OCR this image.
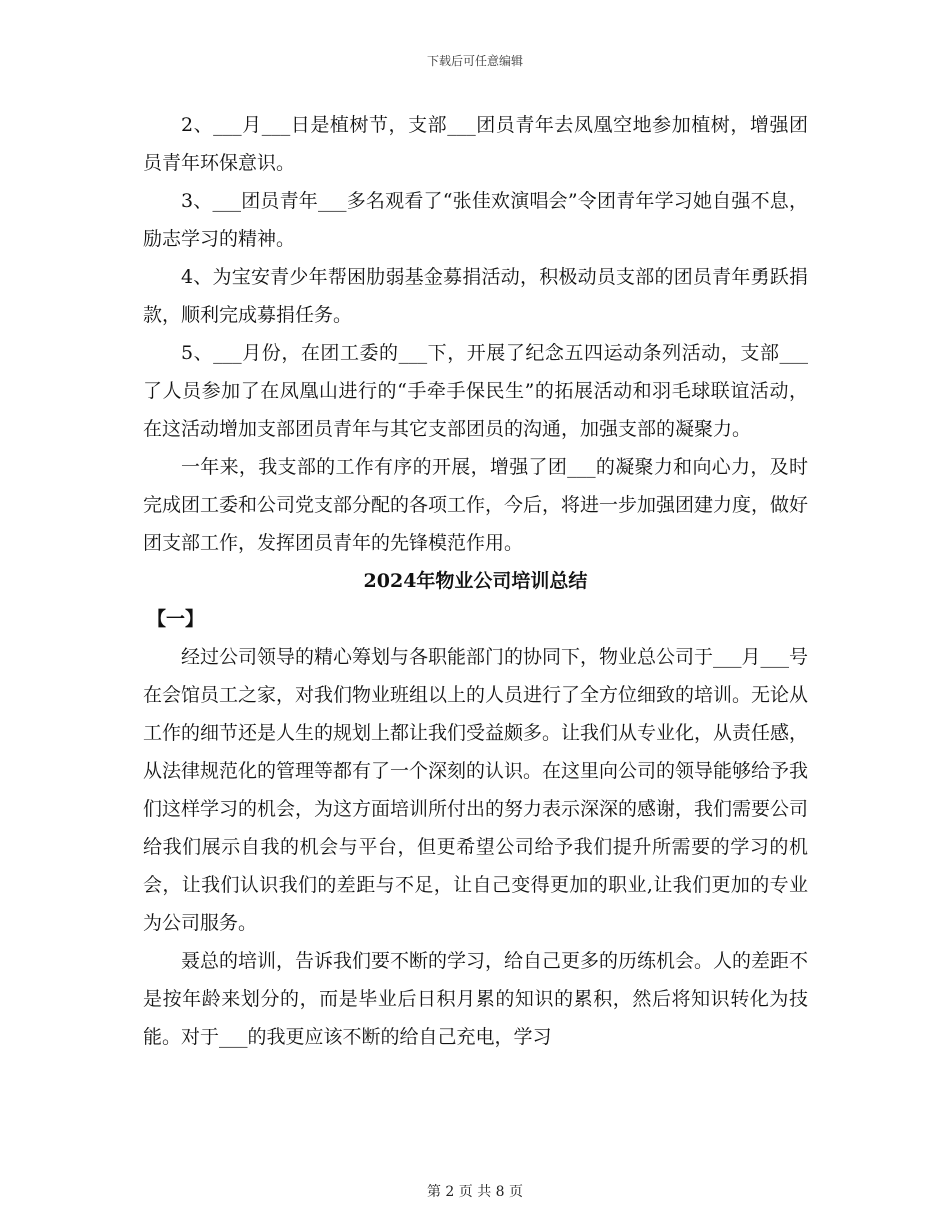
下载后可任意编辑

2、___月___日是植树节，支部___团员青年去凤凰空地参加植树，增强团员青年环保意识。

3、___团员青年___多名观看了“张佳欢演唱会”令团青年学习她自强不息，励志学习的精神。

4、为宝安青少年帮困肋弱基金募捐活动，积极动员支部的团员青年勇跃捐款，顺利完成募捐任务。

5、___月份，在团工委的___下，开展了纪念五四运动条列活动，支部___了人员参加了在凤凰山进行的“手牵手保民生”的拓展活动和羽毛球联谊活动，在这活动增加支部团员青年与其它支部团员的沟通，加强支部的凝聚力。

一年来，我支部的工作有序的开展，增强了团___的凝聚力和向心力，及时完成团工委和公司党支部分配的各项工作，今后，将进一步加强团建力度，做好团支部工作，发挥团员青年的先锋模范作用。

2024年物业公司培训总结

【一】

经过公司领导的精心筹划与各职能部门的协同下，物业总公司于___月___号在会馆员工之家，对我们物业班组以上的人员进行了全方位细致的培训。无论从工作的细节还是人生的规划上都让我们受益颇多。让我们从专业化，从责任感，从法律规范化的管理等都有了一个深刻的认识。在这里向公司的领导能够给予我们这样学习的机会，为这方面培训所付出的努力表示深深的感谢，我们需要公司给我们展示自我的机会与平台，但更希望公司给予我们提升所需要的学习的机会，让我们认识我们的差距与不足，让自己变得更加的职业,让我们更加的专业为公司服务。

聂总的培训，告诉我们要不断的学习，给自己更多的历练机会。人的差距不是按年龄来划分的，而是毕业后日积月累的知识的累积，然后将知识转化为技能。对于___的我更应该不断的给自己充电，学习

第 2 页 共 8 页
